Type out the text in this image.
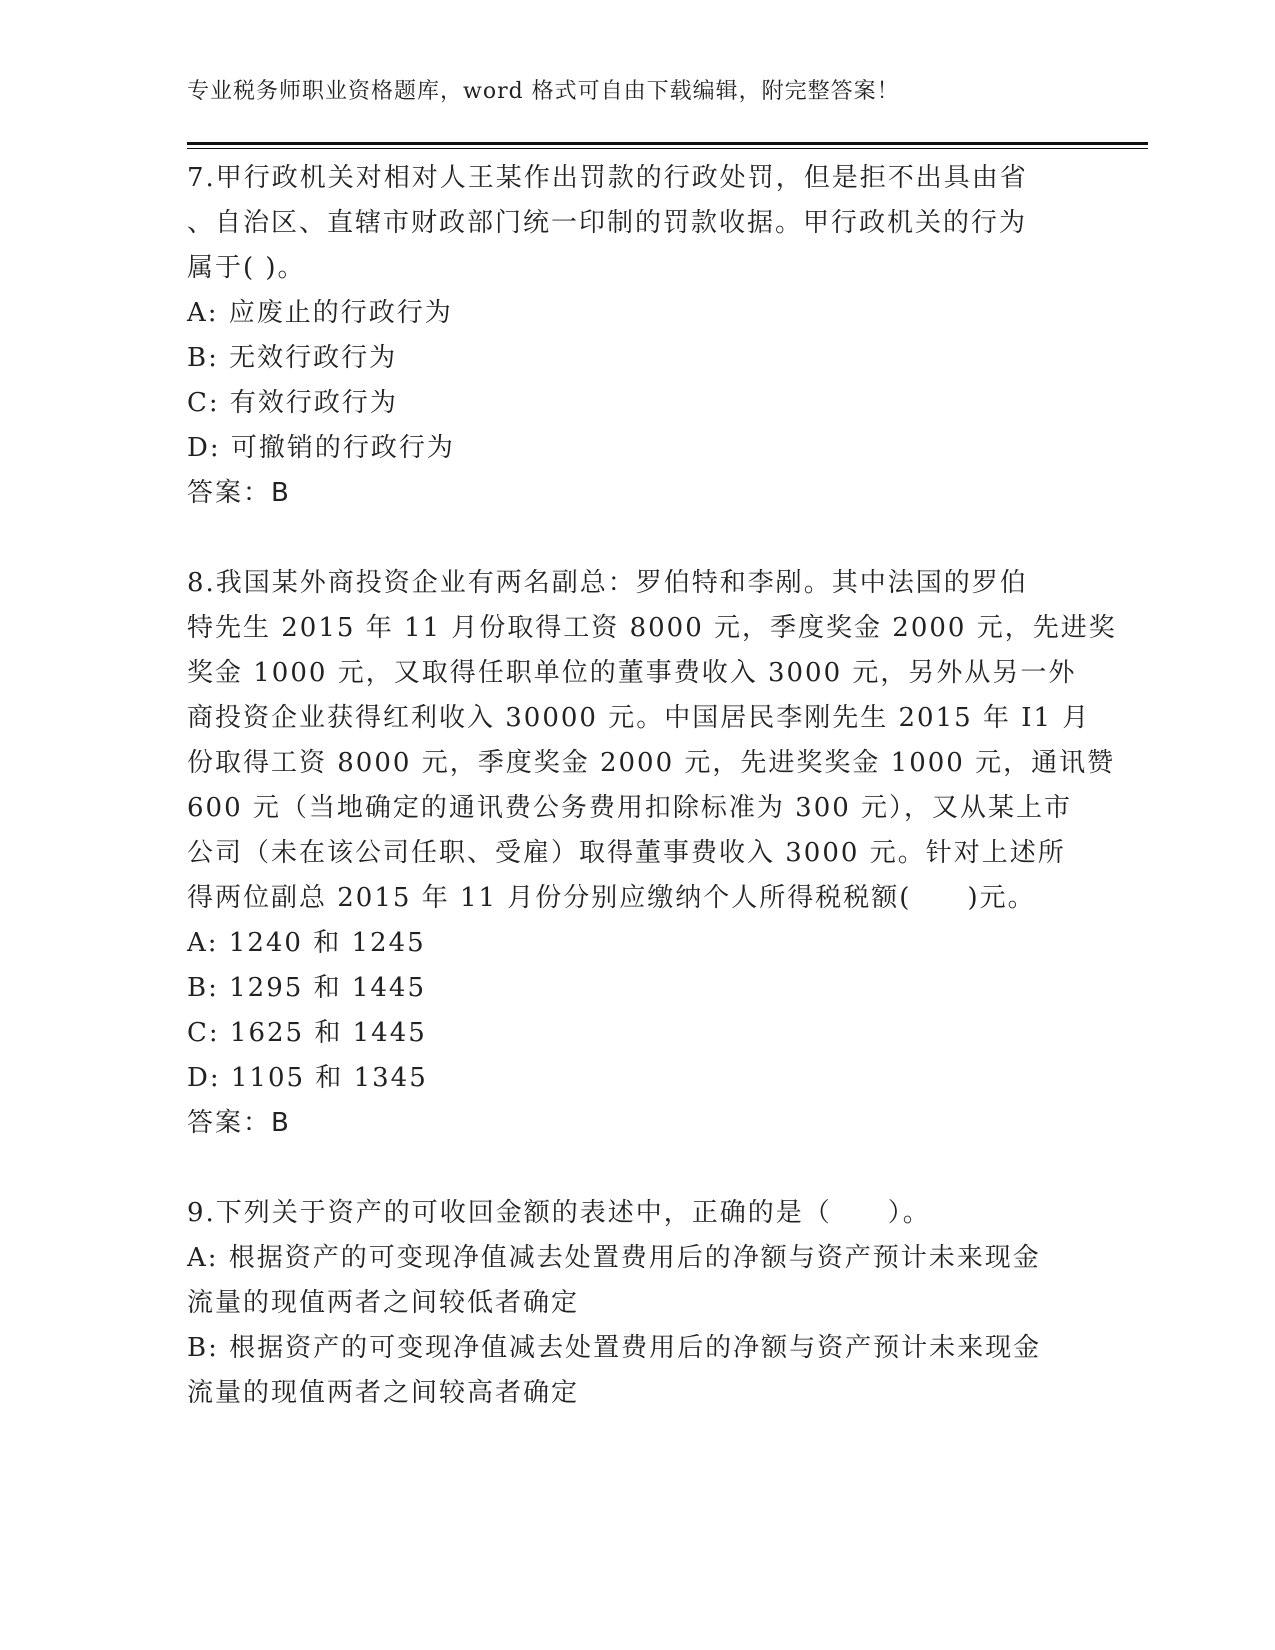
专业税务师职业资格题库，word 格式可自由下载编辑，附完整答案！
7.甲行政机关对相对人王某作出罚款的行政处罚，但是拒不出具由省
、自治区、直辖市财政部门统一印制的罚款收据。甲行政机关的行为
属于( )。
A: 应废止的行政行为
B: 无效行政行为
C: 有效行政行为
D: 可撤销的行政行为
答案：B
8.我国某外商投资企业有两名副总：罗伯特和李剐。其中法国的罗伯
特先生 2015 年 11 月份取得工资 8000 元，季度奖金 2000 元，先进奖
奖金 1000 元，又取得任职单位的董事费收入 3000 元，另外从另一外
商投资企业获得红利收入 30000 元。中国居民李刚先生 2015 年 I1 月
份取得工资 8000 元，季度奖金 2000 元，先进奖奖金 1000 元，通讯赞
600 元（当地确定的通讯费公务费用扣除标准为 300 元），又从某上市
公司（未在该公司任职、受雇）取得董事费收入 3000 元。针对上述所
得两位副总 2015 年 11 月份分别应缴纳个人所得税税额(　　)元。
A: 1240 和 1245
B: 1295 和 1445
C: 1625 和 1445
D: 1105 和 1345
答案：B
9.下列关于资产的可收回金额的表述中，正确的是（　　）。
A: 根据资产的可变现净值减去处置费用后的净额与资产预计未来现金
流量的现值两者之间较低者确定
B: 根据资产的可变现净值减去处置费用后的净额与资产预计未来现金
流量的现值两者之间较高者确定
